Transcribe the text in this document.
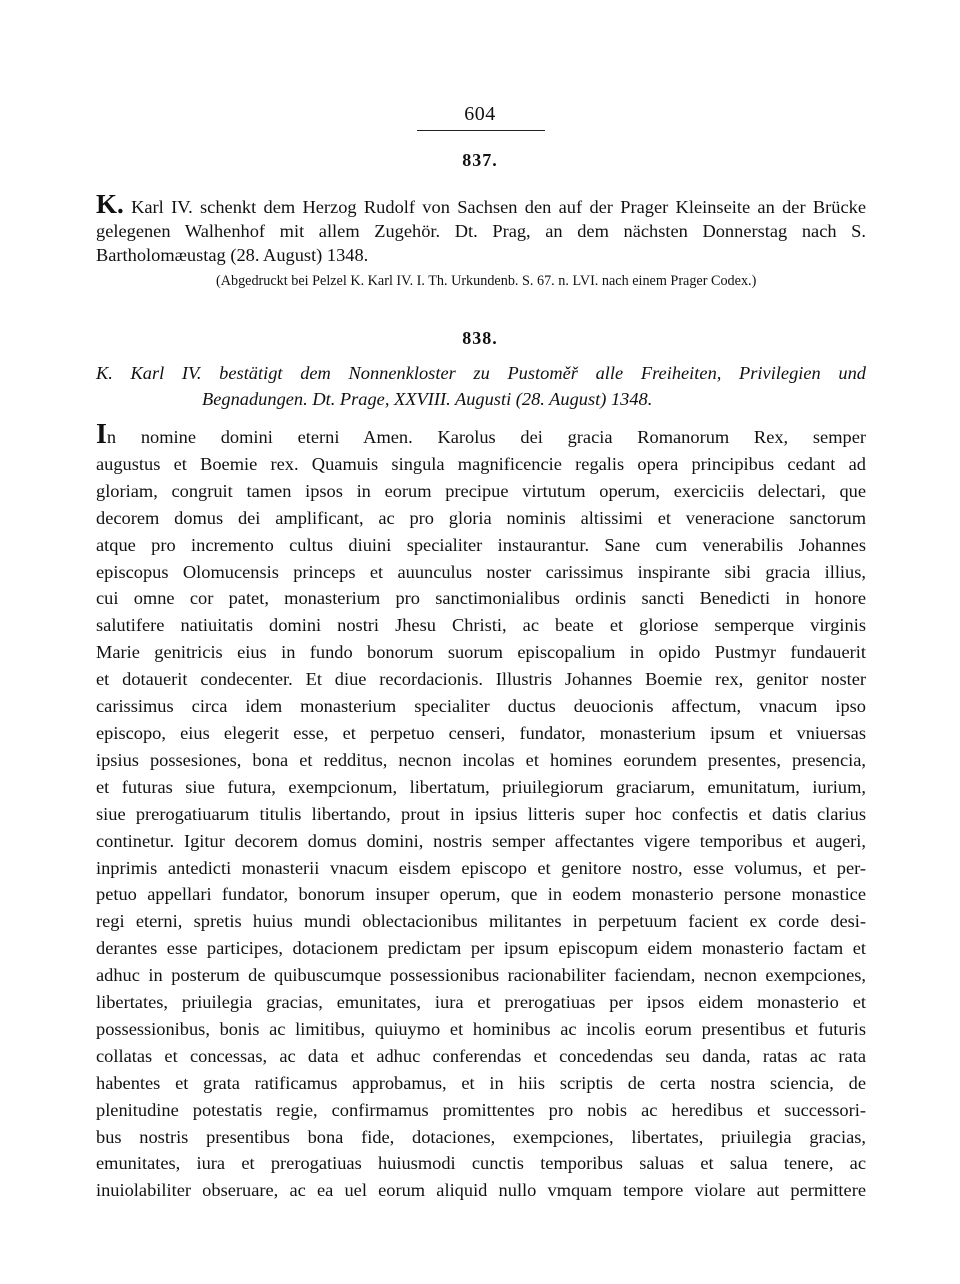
604
837.
K. Karl IV. schenkt dem Herzog Rudolf von Sachsen den auf der Prager Kleinseite an der Brücke gelegenen Walhenhof mit allem Zugehör. Dt. Prag, an dem nächsten Donnerstag nach S. Bartholomæustag (28. August) 1348.
(Abgedruckt bei Pelzel K. Karl IV. I. Th. Urkundenb. S. 67. n. LVI. nach einem Prager Codex.)
838.
K. Karl IV. bestätigt dem Nonnenkloster zu Pustoměř alle Freiheiten, Privilegien und
Begnadungen. Dt. Prage, XXVIII. Augusti (28. August) 1348.
In nomine domini eterni Amen. Karolus dei gracia Romanorum Rex, semper
augustus et Boemie rex. Quamuis singula magnificencie regalis opera principibus cedant ad
gloriam, congruit tamen ipsos in eorum precipue virtutum operum, exerciciis delectari, que
decorem domus dei amplificant, ac pro gloria nominis altissimi et veneracione sanctorum
atque pro incremento cultus diuini specialiter instaurantur. Sane cum venerabilis Johannes
episcopus Olomucensis princeps et auunculus noster carissimus inspirante sibi gracia illius,
cui omne cor patet, monasterium pro sanctimonialibus ordinis sancti Benedicti in honore
salutifere natiuitatis domini nostri Jhesu Christi, ac beate et gloriose semperque virginis
Marie genitricis eius in fundo bonorum suorum episcopalium in opido Pustmyr fundauerit
et dotauerit condecenter. Et diue recordacionis. Illustris Johannes Boemie rex, genitor noster
carissimus circa idem monasterium specialiter ductus deuocionis affectum, vnacum ipso
episcopo, eius elegerit esse, et perpetuo censeri, fundator, monasterium ipsum et vniuersas
ipsius possesiones, bona et redditus, necnon incolas et homines eorundem presentes, presencia,
et futuras siue futura, exempcionum, libertatum, priuilegiorum graciarum, emunitatum, iurium,
siue prerogatiuarum titulis libertando, prout in ipsius litteris super hoc confectis et datis clarius
continetur. Igitur decorem domus domini, nostris semper affectantes vigere temporibus et augeri,
inprimis antedicti monasterii vnacum eisdem episcopo et genitore nostro, esse volumus, et per-
petuo appellari fundator, bonorum insuper operum, que in eodem monasterio persone monastice
regi eterni, spretis huius mundi oblectacionibus militantes in perpetuum facient ex corde desi-
derantes esse participes, dotacionem predictam per ipsum episcopum eidem monasterio factam et
adhuc in posterum de quibuscumque possessionibus racionabiliter faciendam, necnon exempciones,
libertates, priuilegia gracias, emunitates, iura et prerogatiuas per ipsos eidem monasterio et
possessionibus, bonis ac limitibus, quiuymo et hominibus ac incolis eorum presentibus et futuris
collatas et concessas, ac data et adhuc conferendas et concedendas seu danda, ratas ac rata
habentes et grata ratificamus approbamus, et in hiis scriptis de certa nostra sciencia, de
plenitudine potestatis regie, confirmamus promittentes pro nobis ac heredibus et successori-
bus nostris presentibus bona fide, dotaciones, exempciones, libertates, priuilegia gracias,
emunitates, iura et prerogatiuas huiusmodi cunctis temporibus saluas et salua tenere, ac
inuiolabiliter obseruare, ac ea uel eorum aliquid nullo vmquam tempore violare aut permittere
